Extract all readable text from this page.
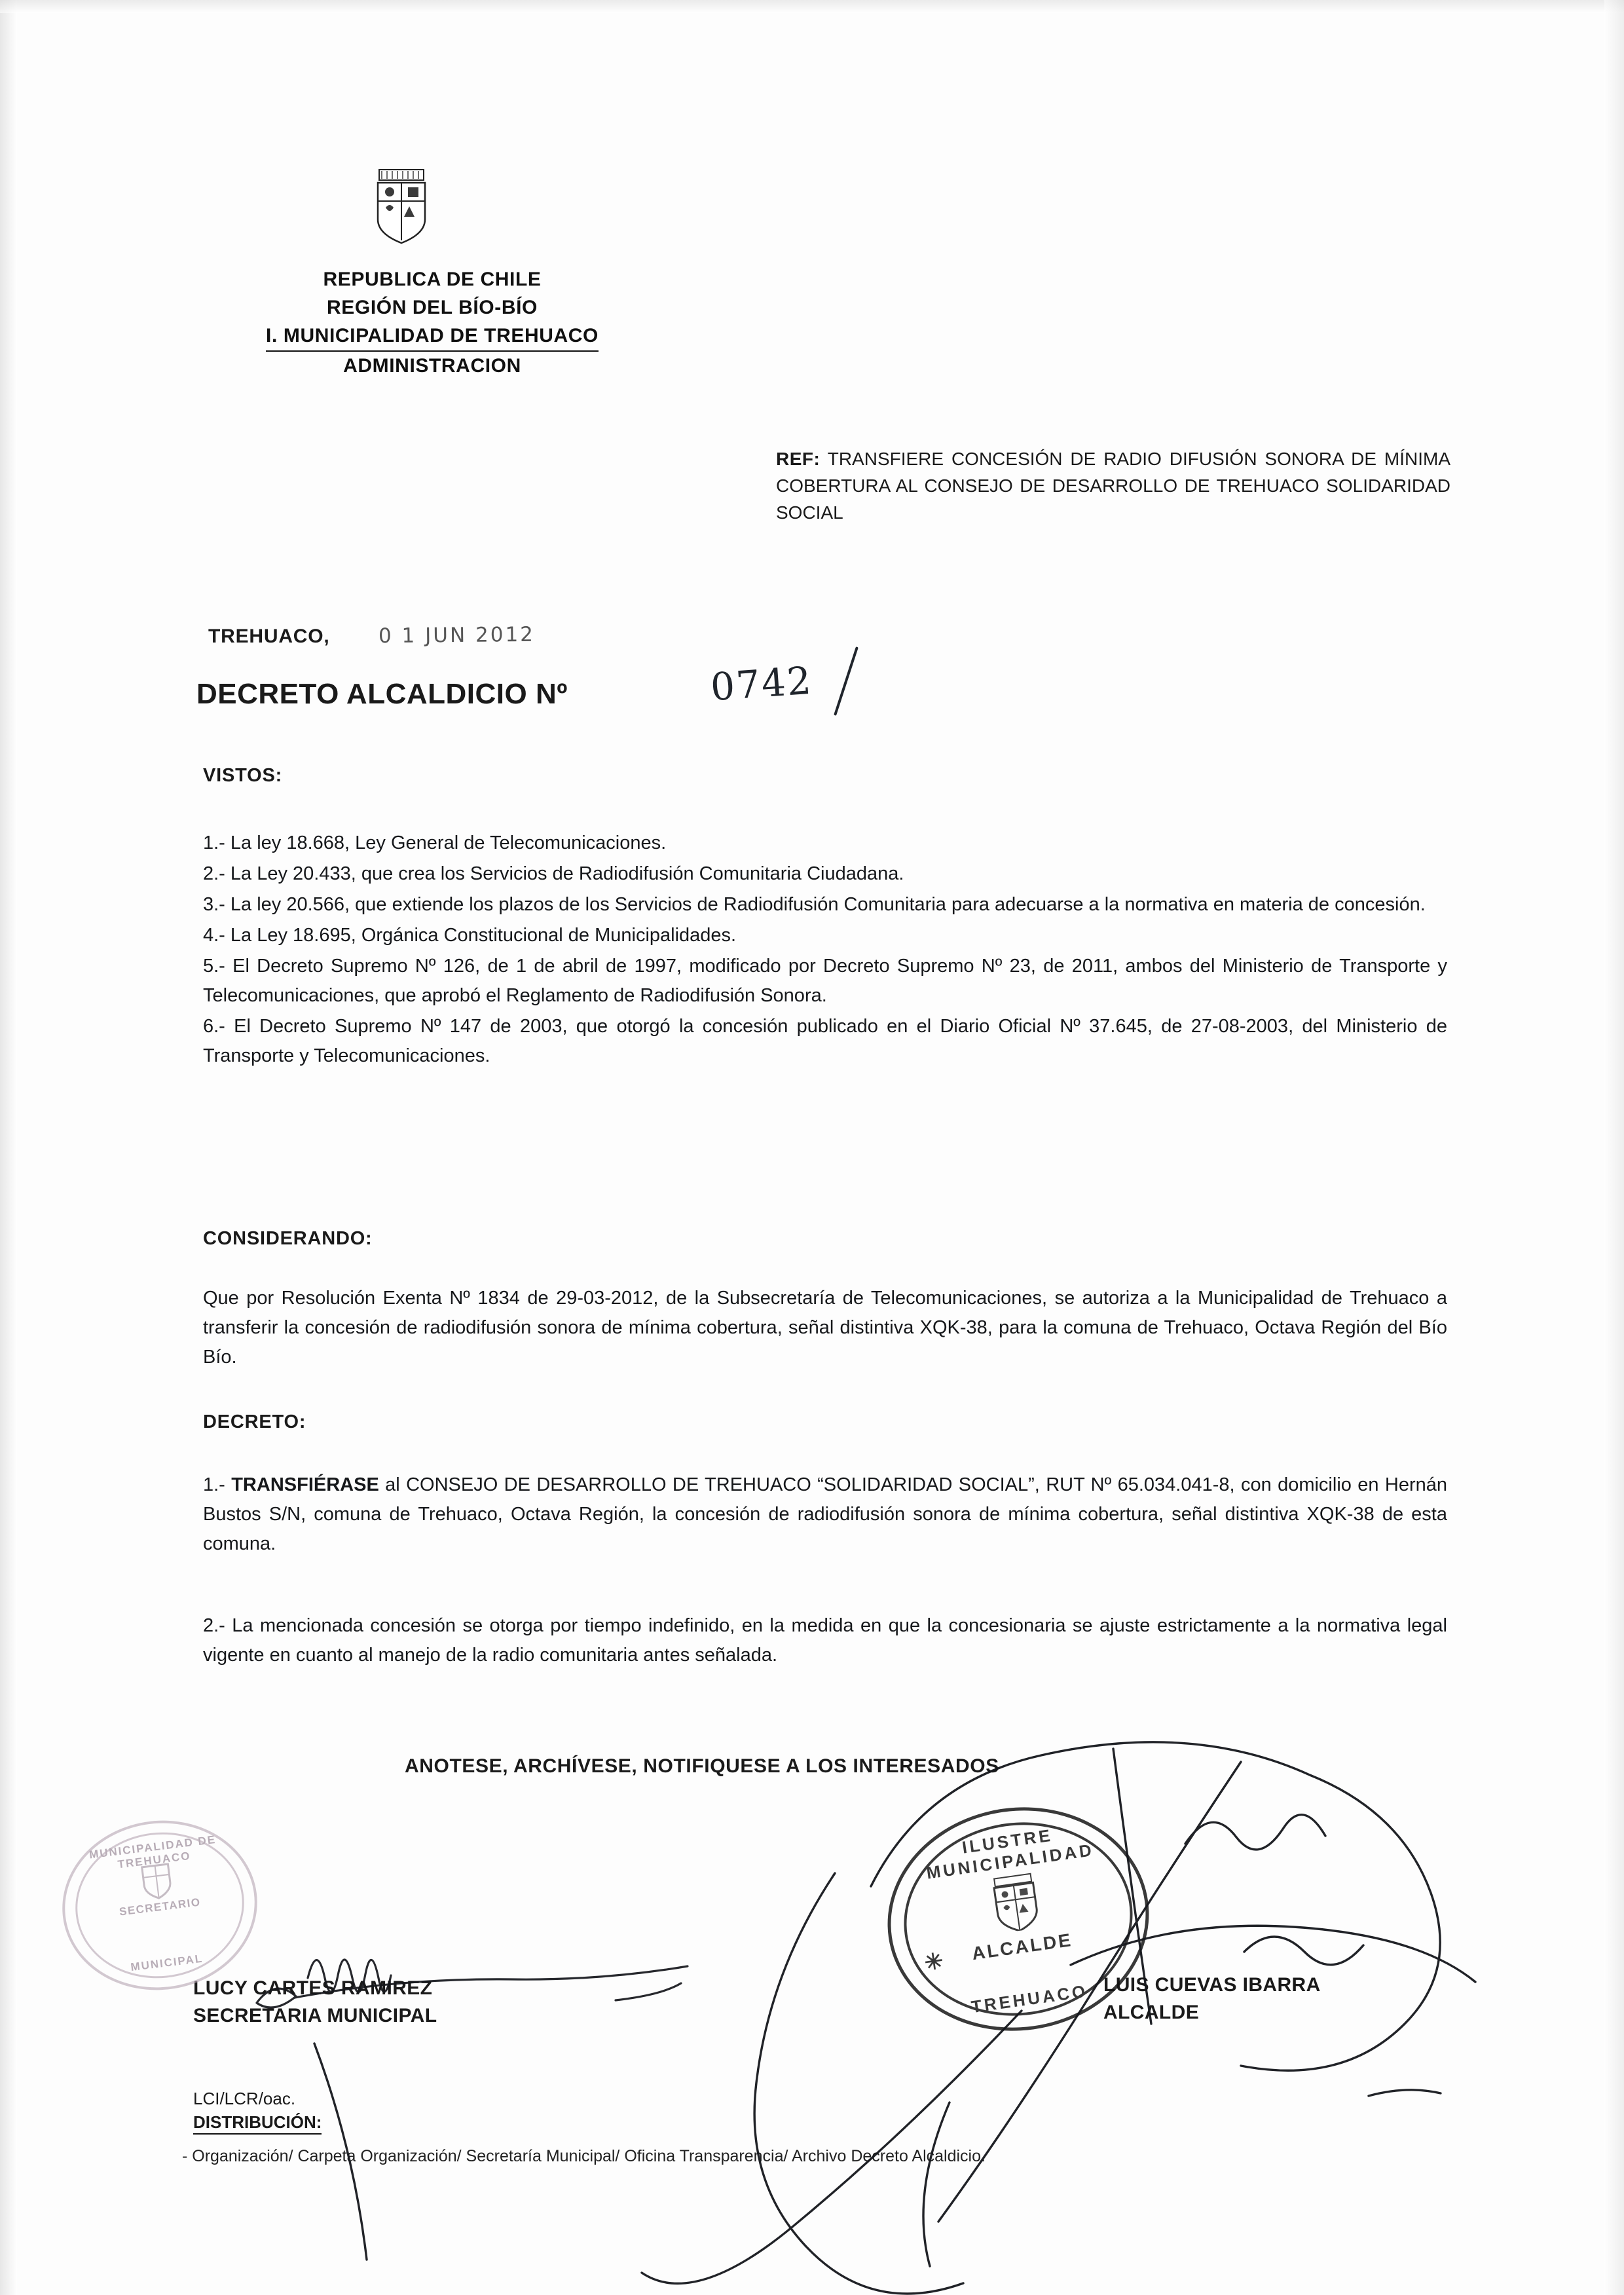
REPUBLICA DE CHILE
REGIÓN DEL BÍO-BÍO
I. MUNICIPALIDAD DE TREHUACO
ADMINISTRACION
REF: TRANSFIERE CONCESIÓN DE RADIO DIFUSIÓN SONORA DE MÍNIMA COBERTURA AL CONSEJO DE DESARROLLO DE TREHUACO SOLIDARIDAD SOCIAL
TREHUACO, 0 1 JUN 2012
DECRETO ALCALDICIO Nº	0742
VISTOS:

1.- La ley 18.668, Ley General de Telecomunicaciones.

2.- La Ley 20.433, que crea los Servicios de Radiodifusión Comunitaria Ciudadana.

3.- La ley 20.566, que extiende los plazos de los Servicios de Radiodifusión Comunitaria para adecuarse a la normativa en materia de concesión.

4.- La Ley 18.695, Orgánica Constitucional de Municipalidades.

5.- El Decreto Supremo Nº 126, de 1 de abril de 1997, modificado por Decreto Supremo Nº 23, de 2011, ambos del Ministerio de Transporte y Telecomunicaciones, que aprobó el Reglamento de Radiodifusión Sonora.

6.- El Decreto Supremo Nº 147 de 2003, que otorgó la concesión publicado en el Diario Oficial Nº 37.645, de 27-08-2003, del Ministerio de Transporte y Telecomunicaciones.

CONSIDERANDO:

Que por Resolución Exenta Nº 1834 de 29-03-2012, de la Subsecretaría de Telecomunicaciones, se autoriza a la Municipalidad de Trehuaco a transferir la concesión de radiodifusión sonora de mínima cobertura, señal distintiva XQK-38, para la comuna de Trehuaco, Octava Región del Bío Bío.

DECRETO:

1.- TRANSFIÉRASE al CONSEJO DE DESARROLLO DE TREHUACO “SOLIDARIDAD SOCIAL”, RUT Nº 65.034.041-8, con domicilio en Hernán Bustos S/N, comuna de Trehuaco, Octava Región, la concesión de radiodifusión sonora de mínima cobertura, señal distintiva XQK-38 de esta comuna.

2.- La mencionada concesión se otorga por tiempo indefinido, en la medida en que la concesionaria se ajuste estrictamente a la normativa legal vigente en cuanto al manejo de la radio comunitaria antes señalada.

ANOTESE, ARCHÍVESE, NOTIFIQUESE A LOS INTERESADOS
LUCY CARTES RAMIREZ
SECRETARIA MUNICIPAL
LUIS CUEVAS IBARRA
ALCALDE
LCI/LCR/oac.
DISTRIBUCIÓN:
- Organización/ Carpeta Organización/ Secretaría Municipal/ Oficina Transparencia/ Archivo Decreto Alcaldicio.
MUNICIPALIDAD DE TREHUACO
SECRETARIO
MUNICIPAL
ILUSTRE MUNICIPALIDAD
✳	ALCALDE
TREHUACO
